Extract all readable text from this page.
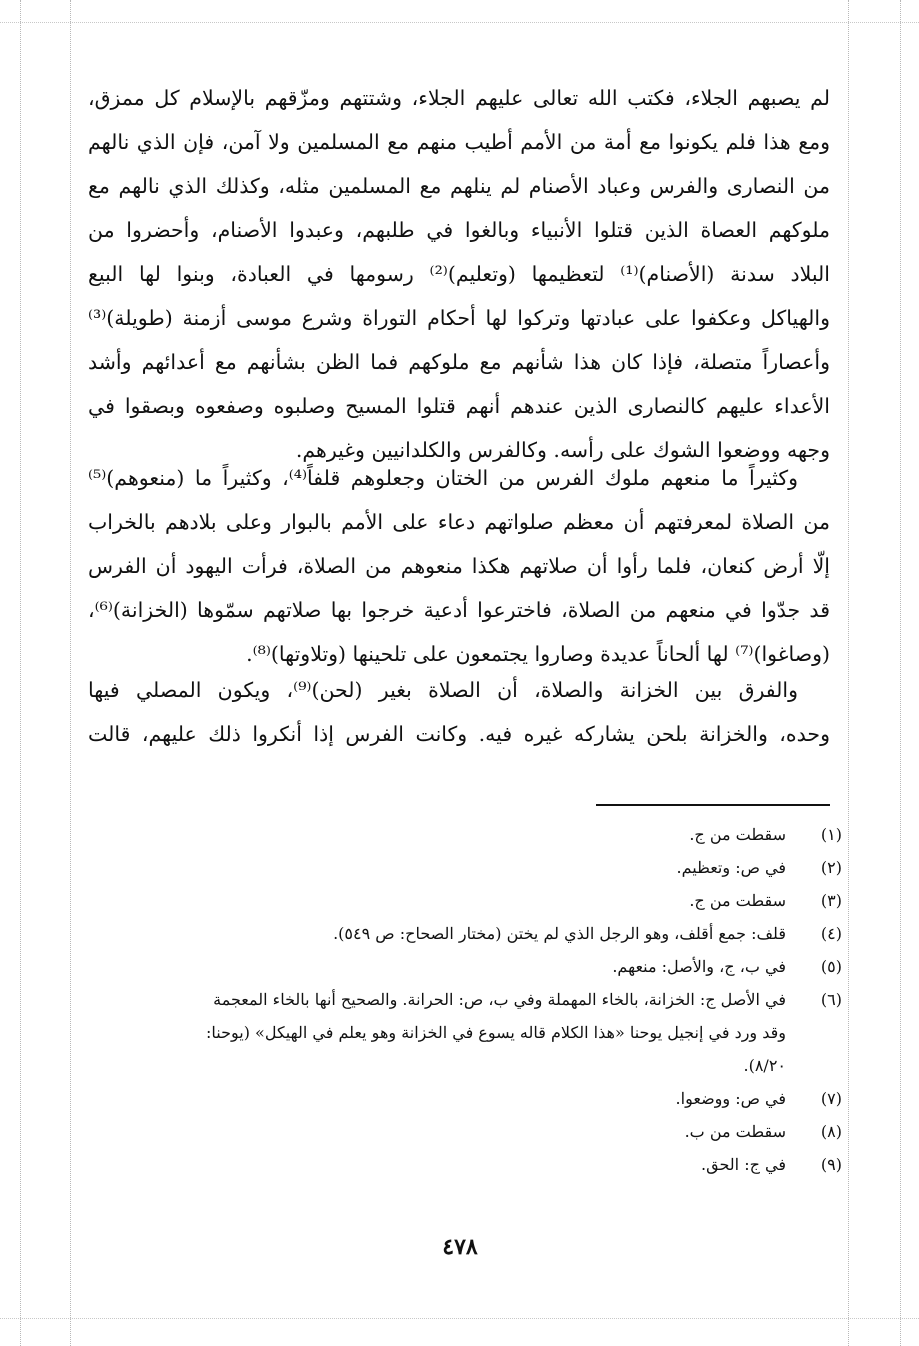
لم يصبهم الجلاء، فكتب الله تعالى عليهم الجلاء، وشتتهم ومزّقهم بالإسلام كل ممزق،
ومع هذا فلم يكونوا مع أمة من الأمم أطيب منهم مع المسلمين ولا آمن، فإن الذي نالهم
من النصارى والفرس وعباد الأصنام لم ينلهم مع المسلمين مثله، وكذلك الذي نالهم مع
ملوكهم العصاة الذين قتلوا الأنبياء وبالغوا في طلبهم، وعبدوا الأصنام، وأحضروا من
البلاد سدنة (الأصنام)⁽¹⁾ لتعظيمها (وتعليم)⁽²⁾ رسومها في العبادة، وبنوا لها البيع
والهياكل وعكفوا على عبادتها وتركوا لها أحكام التوراة وشرع موسى أزمنة (طويلة)⁽³⁾
وأعصاراً متصلة، فإذا كان هذا شأنهم مع ملوكهم فما الظن بشأنهم مع أعدائهم وأشد
الأعداء عليهم كالنصارى الذين عندهم أنهم قتلوا المسيح وصلبوه وصفعوه وبصقوا في
وجهه ووضعوا الشوك على رأسه. وكالفرس والكلدانيين وغيرهم.
وكثيراً ما منعهم ملوك الفرس من الختان وجعلوهم قلفاً⁽⁴⁾، وكثيراً ما (منعوهم)⁽⁵⁾
من الصلاة لمعرفتهم أن معظم صلواتهم دعاء على الأمم بالبوار وعلى بلادهم بالخراب
إلّا أرض كنعان، فلما رأوا أن صلاتهم هكذا منعوهم من الصلاة، فرأت اليهود أن الفرس
قد جدّوا في منعهم من الصلاة، فاخترعوا أدعية خرجوا بها صلاتهم سمّوها (الخزانة)⁽⁶⁾،
(وصاغوا)⁽⁷⁾ لها ألحاناً عديدة وصاروا يجتمعون على تلحينها (وتلاوتها)⁽⁸⁾.
والفرق بين الخزانة والصلاة، أن الصلاة بغير (لحن)⁽⁹⁾، ويكون المصلي فيها
وحده، والخزانة بلحن يشاركه غيره فيه. وكانت الفرس إذا أنكروا ذلك عليهم، قالت
(١)
سقطت من ج.
(٢)
في ص: وتعظيم.
(٣)
سقطت من ج.
(٤)
قلف: جمع أقلف، وهو الرجل الذي لم يختن (مختار الصحاح: ص ٥٤٩).
(٥)
في ب، ج، والأصل: منعهم.
(٦)
في الأصل ج: الخزانة، بالخاء المهملة وفي ب، ص: الحرانة. والصحيح أنها بالخاء المعجمة
وقد ورد في إنجيل يوحنا «هذا الكلام قاله يسوع في الخزانة وهو يعلم في الهيكل» (يوحنا:
٨/٢٠).
(٧)
في ص: ووضعوا.
(٨)
سقطت من ب.
(٩)
في ج: الحق.
٤٧٨
